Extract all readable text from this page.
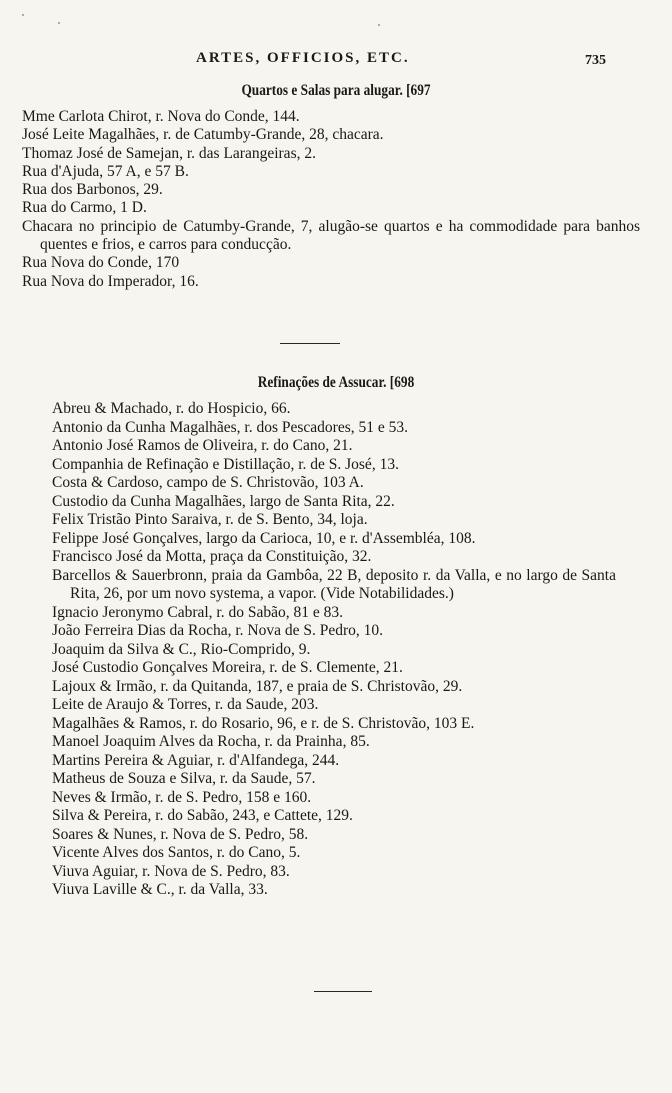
ARTES, OFFICIOS, ETC.	735
Quartos e Salas para alugar. [697
Mme Carlota Chirot, r. Nova do Conde, 144.
José Leite Magalhães, r. de Catumby-Grande, 28, chacara.
Thomaz José de Samejan, r. das Larangeiras, 2.
Rua d'Ajuda, 57 A, e 57 B.
Rua dos Barbonos, 29.
Rua do Carmo, 1 D.
Chacara no principio de Catumby-Grande, 7, alugão-se quartos e ha commodidade para banhos quentes e frios, e carros para conducção.
Rua Nova do Conde, 170
Rua Nova do Imperador, 16.
Refinações de Assucar. [698
Abreu & Machado, r. do Hospicio, 66.
Antonio da Cunha Magalhães, r. dos Pescadores, 51 e 53.
Antonio José Ramos de Oliveira, r. do Cano, 21.
Companhia de Refinação e Distillação, r. de S. José, 13.
Costa & Cardoso, campo de S. Christovão, 103 A.
Custodio da Cunha Magalhães, largo de Santa Rita, 22.
Felix Tristão Pinto Saraiva, r. de S. Bento, 34, loja.
Felippe José Gonçalves, largo da Carioca, 10, e r. d'Assembléa, 108.
Francisco José da Motta, praça da Constituição, 32.
Barcellos & Sauerbronn, praia da Gambôa, 22 B, deposito r. da Valla, e no largo de Santa Rita, 26, por um novo systema, a vapor. (Vide Notabilidades.)
Ignacio Jeronymo Cabral, r. do Sabão, 81 e 83.
João Ferreira Dias da Rocha, r. Nova de S. Pedro, 10.
Joaquim da Silva & C., Rio-Comprido, 9.
José Custodio Gonçalves Moreira, r. de S. Clemente, 21.
Lajoux & Irmão, r. da Quitanda, 187, e praia de S. Christovão, 29.
Leite de Araujo & Torres, r. da Saude, 203.
Magalhães & Ramos, r. do Rosario, 96, e r. de S. Christovão, 103 E.
Manoel Joaquim Alves da Rocha, r. da Prainha, 85.
Martins Pereira & Aguiar, r. d'Alfandega, 244.
Matheus de Souza e Silva, r. da Saude, 57.
Neves & Irmão, r. de S. Pedro, 158 e 160.
Silva & Pereira, r. do Sabão, 243, e Cattete, 129.
Soares & Nunes, r. Nova de S. Pedro, 58.
Vicente Alves dos Santos, r. do Cano, 5.
Viuva Aguiar, r. Nova de S. Pedro, 83.
Viuva Laville & C., r. da Valla, 33.
